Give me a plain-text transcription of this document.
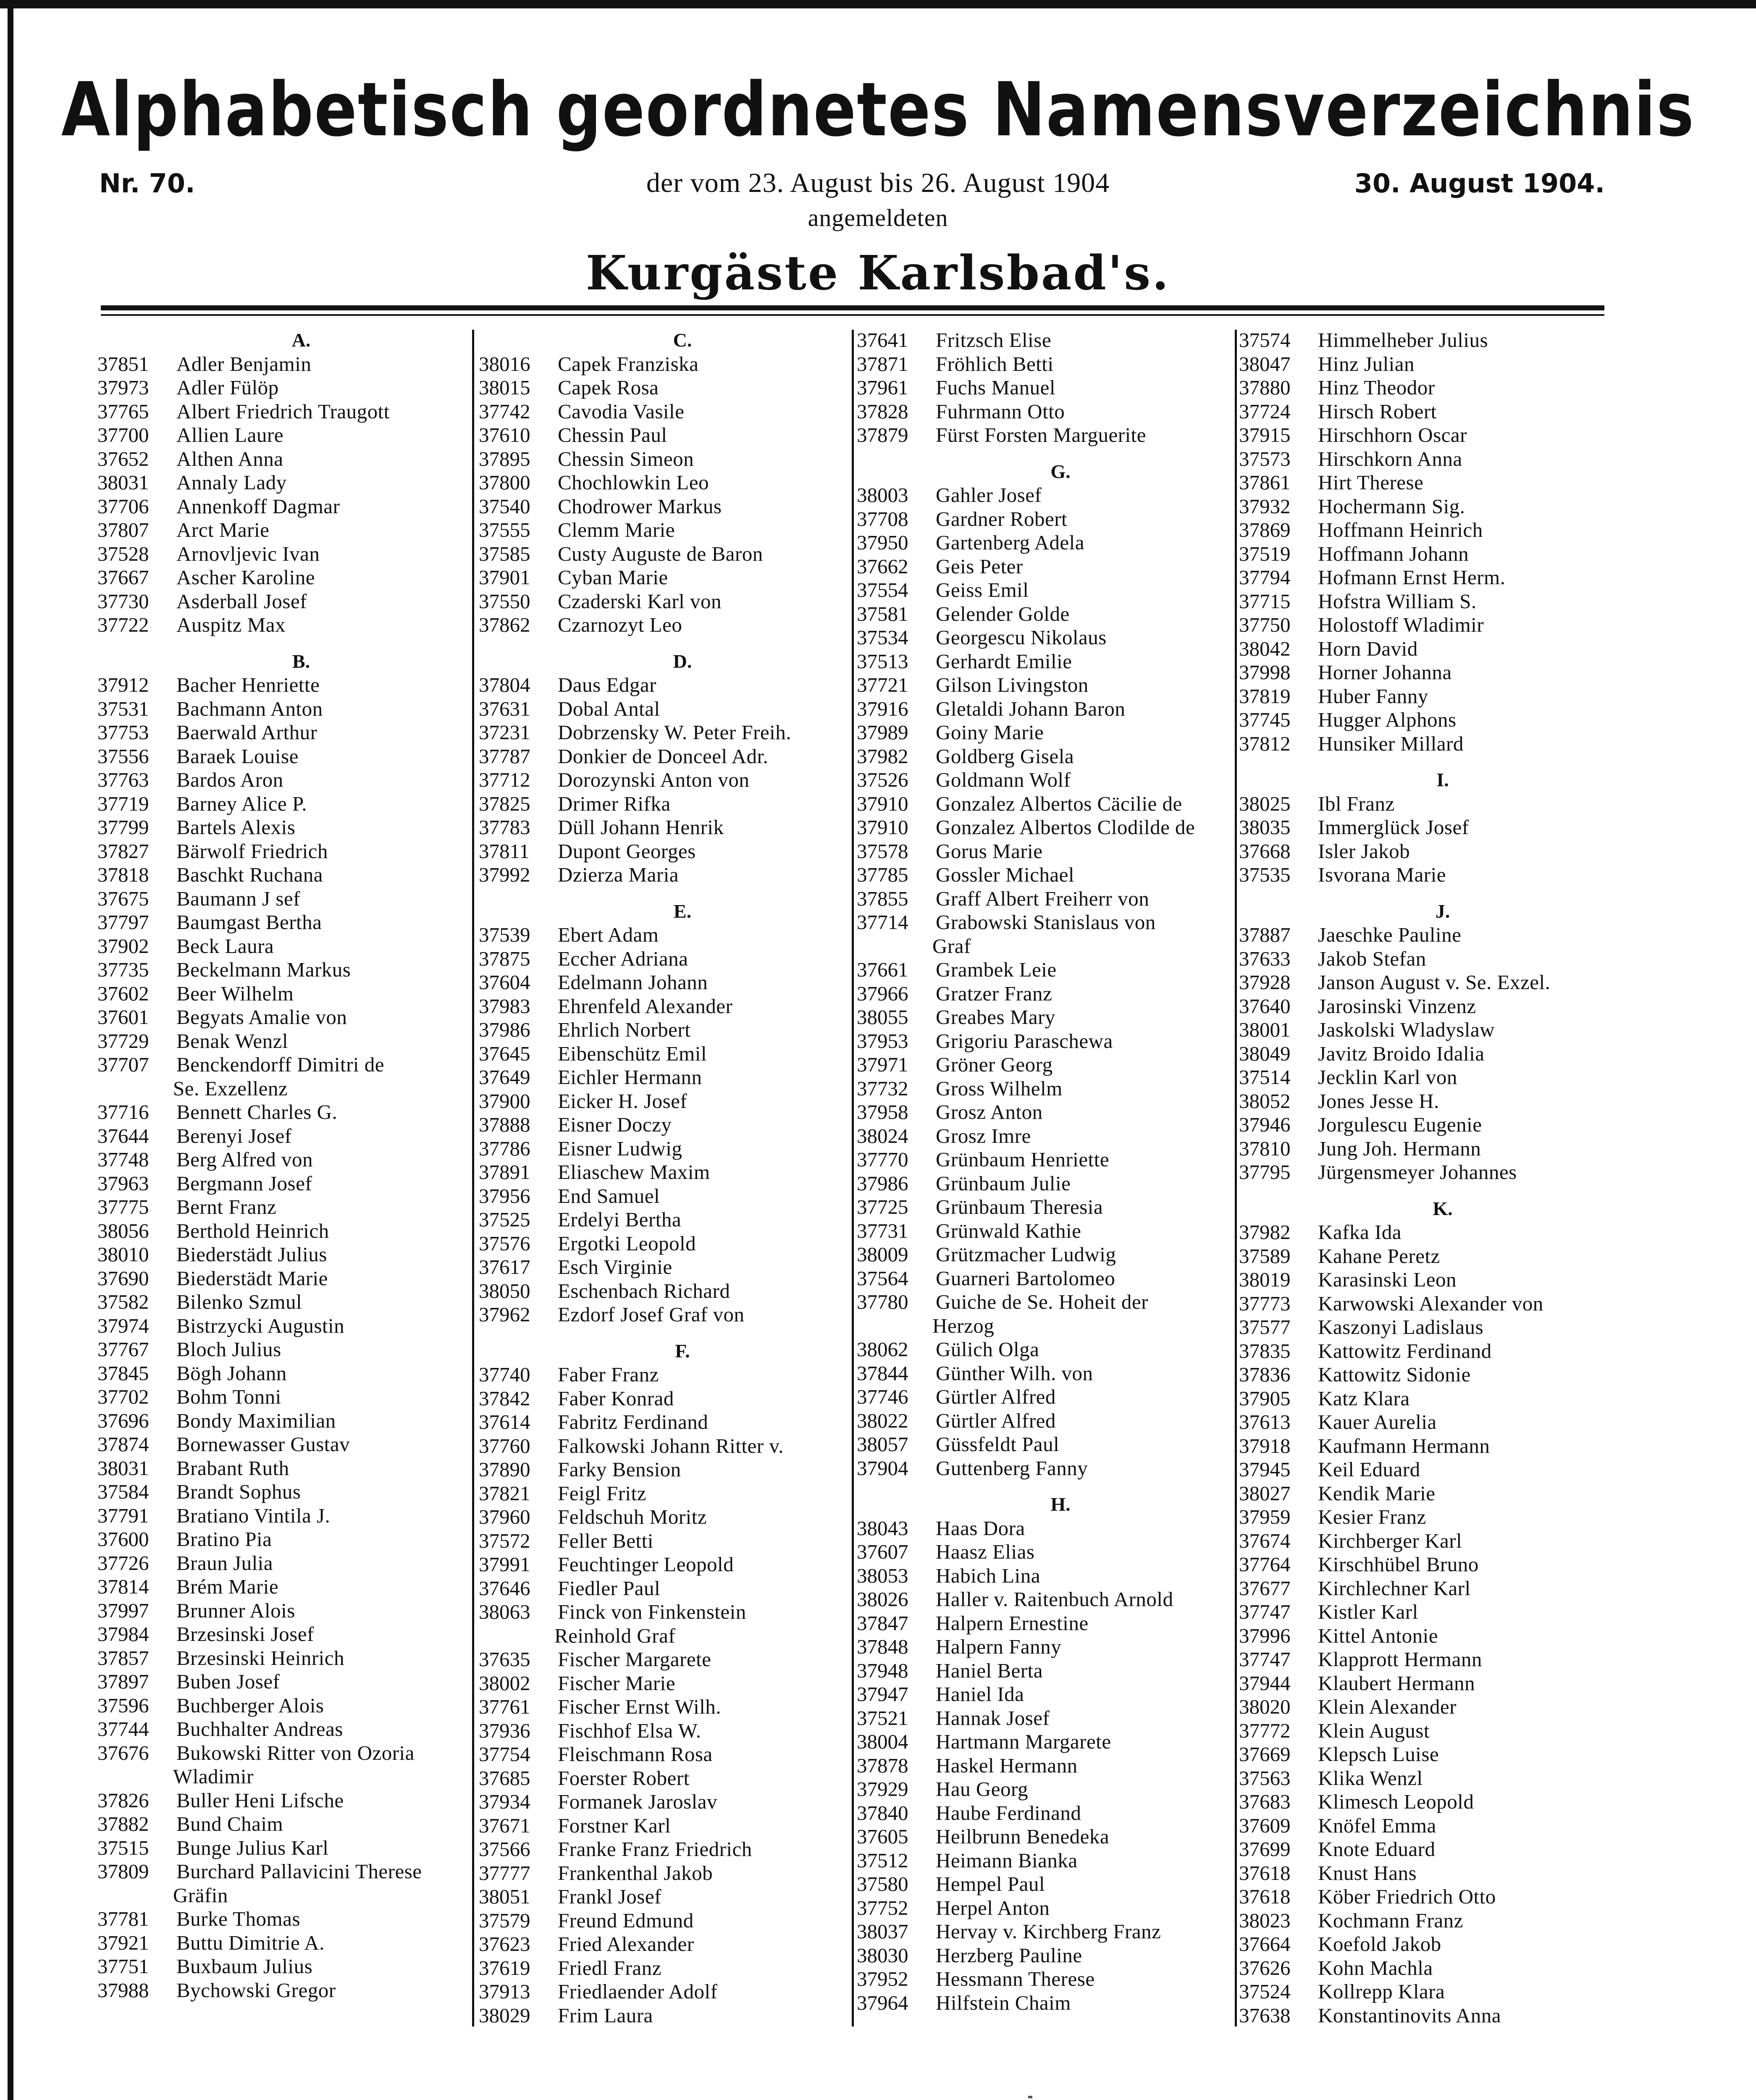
Alphabetisch geordnetes Namensverzeichnis
Nr. 70.	der vom 23. August bis 26. August 1904	30. August 1904.
angemeldeten
Kurgäste Karlsbad's.
A.
37851	Adler Benjamin
37973	Adler Fülöp
37765	Albert Friedrich Traugott
37700	Allien Laure
37652	Althen Anna
38031	Annaly Lady
37706	Annenkoff Dagmar
37807	Arct Marie
37528	Arnovljevic Ivan
37667	Ascher Karoline
37730	Asderball Josef
37722	Auspitz Max
B.
37912	Bacher Henriette
37531	Bachmann Anton
37753	Baerwald Arthur
37556	Baraek Louise
37763	Bardos Aron
37719	Barney Alice P.
37799	Bartels Alexis
37827	Bärwolf Friedrich
37818	Baschkt Ruchana
37675	Baumann J sef
37797	Baumgast Bertha
37902	Beck Laura
37735	Beckelmann Markus
37602	Beer Wilhelm
37601	Begyats Amalie von
37729	Benak Wenzl
37707	Benckendorff Dimitri de
Se. Exzellenz
37716	Bennett Charles G.
37644	Berenyi Josef
37748	Berg Alfred von
37963	Bergmann Josef
37775	Bernt Franz
38056	Berthold Heinrich
38010	Biederstädt Julius
37690	Biederstädt Marie
37582	Bilenko Szmul
37974	Bistrzycki Augustin
37767	Bloch Julius
37845	Bögh Johann
37702	Bohm Tonni
37696	Bondy Maximilian
37874	Bornewasser Gustav
38031	Brabant Ruth
37584	Brandt Sophus
37791	Bratiano Vintila J.
37600	Bratino Pia
37726	Braun Julia
37814	Brém Marie
37997	Brunner Alois
37984	Brzesinski Josef
37857	Brzesinski Heinrich
37897	Buben Josef
37596	Buchberger Alois
37744	Buchhalter Andreas
37676	Bukowski Ritter von Ozoria
Wladimir
37826	Buller Heni Lifsche
37882	Bund Chaim
37515	Bunge Julius Karl
37809	Burchard Pallavicini Therese
Gräfin
37781	Burke Thomas
37921	Buttu Dimitrie A.
37751	Buxbaum Julius
37988	Bychowski Gregor
C.
38016	Capek Franziska
38015	Capek Rosa
37742	Cavodia Vasile
37610	Chessin Paul
37895	Chessin Simeon
37800	Chochlowkin Leo
37540	Chodrower Markus
37555	Clemm Marie
37585	Custy Auguste de Baron
37901	Cyban Marie
37550	Czaderski Karl von
37862	Czarnozyt Leo
D.
37804	Daus Edgar
37631	Dobal Antal
37231	Dobrzensky W. Peter Freih.
37787	Donkier de Donceel Adr.
37712	Dorozynski Anton von
37825	Drimer Rifka
37783	Düll Johann Henrik
37811	Dupont Georges
37992	Dzierza Maria
E.
37539	Ebert Adam
37875	Eccher Adriana
37604	Edelmann Johann
37983	Ehrenfeld Alexander
37986	Ehrlich Norbert
37645	Eibenschütz Emil
37649	Eichler Hermann
37900	Eicker H. Josef
37888	Eisner Doczy
37786	Eisner Ludwig
37891	Eliaschew Maxim
37956	End Samuel
37525	Erdelyi Bertha
37576	Ergotki Leopold
37617	Esch Virginie
38050	Eschenbach Richard
37962	Ezdorf Josef Graf von
F.
37740	Faber Franz
37842	Faber Konrad
37614	Fabritz Ferdinand
37760	Falkowski Johann Ritter v.
37890	Farky Bension
37821	Feigl Fritz
37960	Feldschuh Moritz
37572	Feller Betti
37991	Feuchtinger Leopold
37646	Fiedler Paul
38063	Finck von Finkenstein
Reinhold Graf
37635	Fischer Margarete
38002	Fischer Marie
37761	Fischer Ernst Wilh.
37936	Fischhof Elsa W.
37754	Fleischmann Rosa
37685	Foerster Robert
37934	Formanek Jaroslav
37671	Forstner Karl
37566	Franke Franz Friedrich
37777	Frankenthal Jakob
38051	Frankl Josef
37579	Freund Edmund
37623	Fried Alexander
37619	Friedl Franz
37913	Friedlaender Adolf
38029	Frim Laura
37641	Fritzsch Elise
37871	Fröhlich Betti
37961	Fuchs Manuel
37828	Fuhrmann Otto
37879	Fürst Forsten Marguerite
G.
38003	Gahler Josef
37708	Gardner Robert
37950	Gartenberg Adela
37662	Geis Peter
37554	Geiss Emil
37581	Gelender Golde
37534	Georgescu Nikolaus
37513	Gerhardt Emilie
37721	Gilson Livingston
37916	Gletaldi Johann Baron
37989	Goiny Marie
37982	Goldberg Gisela
37526	Goldmann Wolf
37910	Gonzalez Albertos Cäcilie de
37910	Gonzalez Albertos Clodilde de
37578	Gorus Marie
37785	Gossler Michael
37855	Graff Albert Freiherr von
37714	Grabowski Stanislaus von
Graf
37661	Grambek Leie
37966	Gratzer Franz
38055	Greabes Mary
37953	Grigoriu Paraschewa
37971	Gröner Georg
37732	Gross Wilhelm
37958	Grosz Anton
38024	Grosz Imre
37770	Grünbaum Henriette
37986	Grünbaum Julie
37725	Grünbaum Theresia
37731	Grünwald Kathie
38009	Grützmacher Ludwig
37564	Guarneri Bartolomeo
37780	Guiche de Se. Hoheit der
Herzog
38062	Gülich Olga
37844	Günther Wilh. von
37746	Gürtler Alfred
38022	Gürtler Alfred
38057	Güssfeldt Paul
37904	Guttenberg Fanny
H.
38043	Haas Dora
37607	Haasz Elias
38053	Habich Lina
38026	Haller v. Raitenbuch Arnold
37847	Halpern Ernestine
37848	Halpern Fanny
37948	Haniel Berta
37947	Haniel Ida
37521	Hannak Josef
38004	Hartmann Margarete
37878	Haskel Hermann
37929	Hau Georg
37840	Haube Ferdinand
37605	Heilbrunn Benedeka
37512	Heimann Bianka
37580	Hempel Paul
37752	Herpel Anton
38037	Hervay v. Kirchberg Franz
38030	Herzberg Pauline
37952	Hessmann Therese
37964	Hilfstein Chaim
37574	Himmelheber Julius
38047	Hinz Julian
37880	Hinz Theodor
37724	Hirsch Robert
37915	Hirschhorn Oscar
37573	Hirschkorn Anna
37861	Hirt Therese
37932	Hochermann Sig.
37869	Hoffmann Heinrich
37519	Hoffmann Johann
37794	Hofmann Ernst Herm.
37715	Hofstra William S.
37750	Holostoff Wladimir
38042	Horn David
37998	Horner Johanna
37819	Huber Fanny
37745	Hugger Alphons
37812	Hunsiker Millard
I.
38025	Ibl Franz
38035	Immerglück Josef
37668	Isler Jakob
37535	Isvorana Marie
J.
37887	Jaeschke Pauline
37633	Jakob Stefan
37928	Janson August v. Se. Exzel.
37640	Jarosinski Vinzenz
38001	Jaskolski Wladyslaw
38049	Javitz Broido Idalia
37514	Jecklin Karl von
38052	Jones Jesse H.
37946	Jorgulescu Eugenie
37810	Jung Joh. Hermann
37795	Jürgensmeyer Johannes
K.
37982	Kafka Ida
37589	Kahane Peretz
38019	Karasinski Leon
37773	Karwowski Alexander von
37577	Kaszonyi Ladislaus
37835	Kattowitz Ferdinand
37836	Kattowitz Sidonie
37905	Katz Klara
37613	Kauer Aurelia
37918	Kaufmann Hermann
37945	Keil Eduard
38027	Kendik Marie
37959	Kesier Franz
37674	Kirchberger Karl
37764	Kirschhübel Bruno
37677	Kirchlechner Karl
37747	Kistler Karl
37996	Kittel Antonie
37747	Klapprott Hermann
37944	Klaubert Hermann
38020	Klein Alexander
37772	Klein August
37669	Klepsch Luise
37563	Klika Wenzl
37683	Klimesch Leopold
37609	Knöfel Emma
37699	Knote Eduard
37618	Knust Hans
37618	Köber Friedrich Otto
38023	Kochmann Franz
37664	Koefold Jakob
37626	Kohn Machla
37524	Kollrepp Klara
37638	Konstantinovits Anna
